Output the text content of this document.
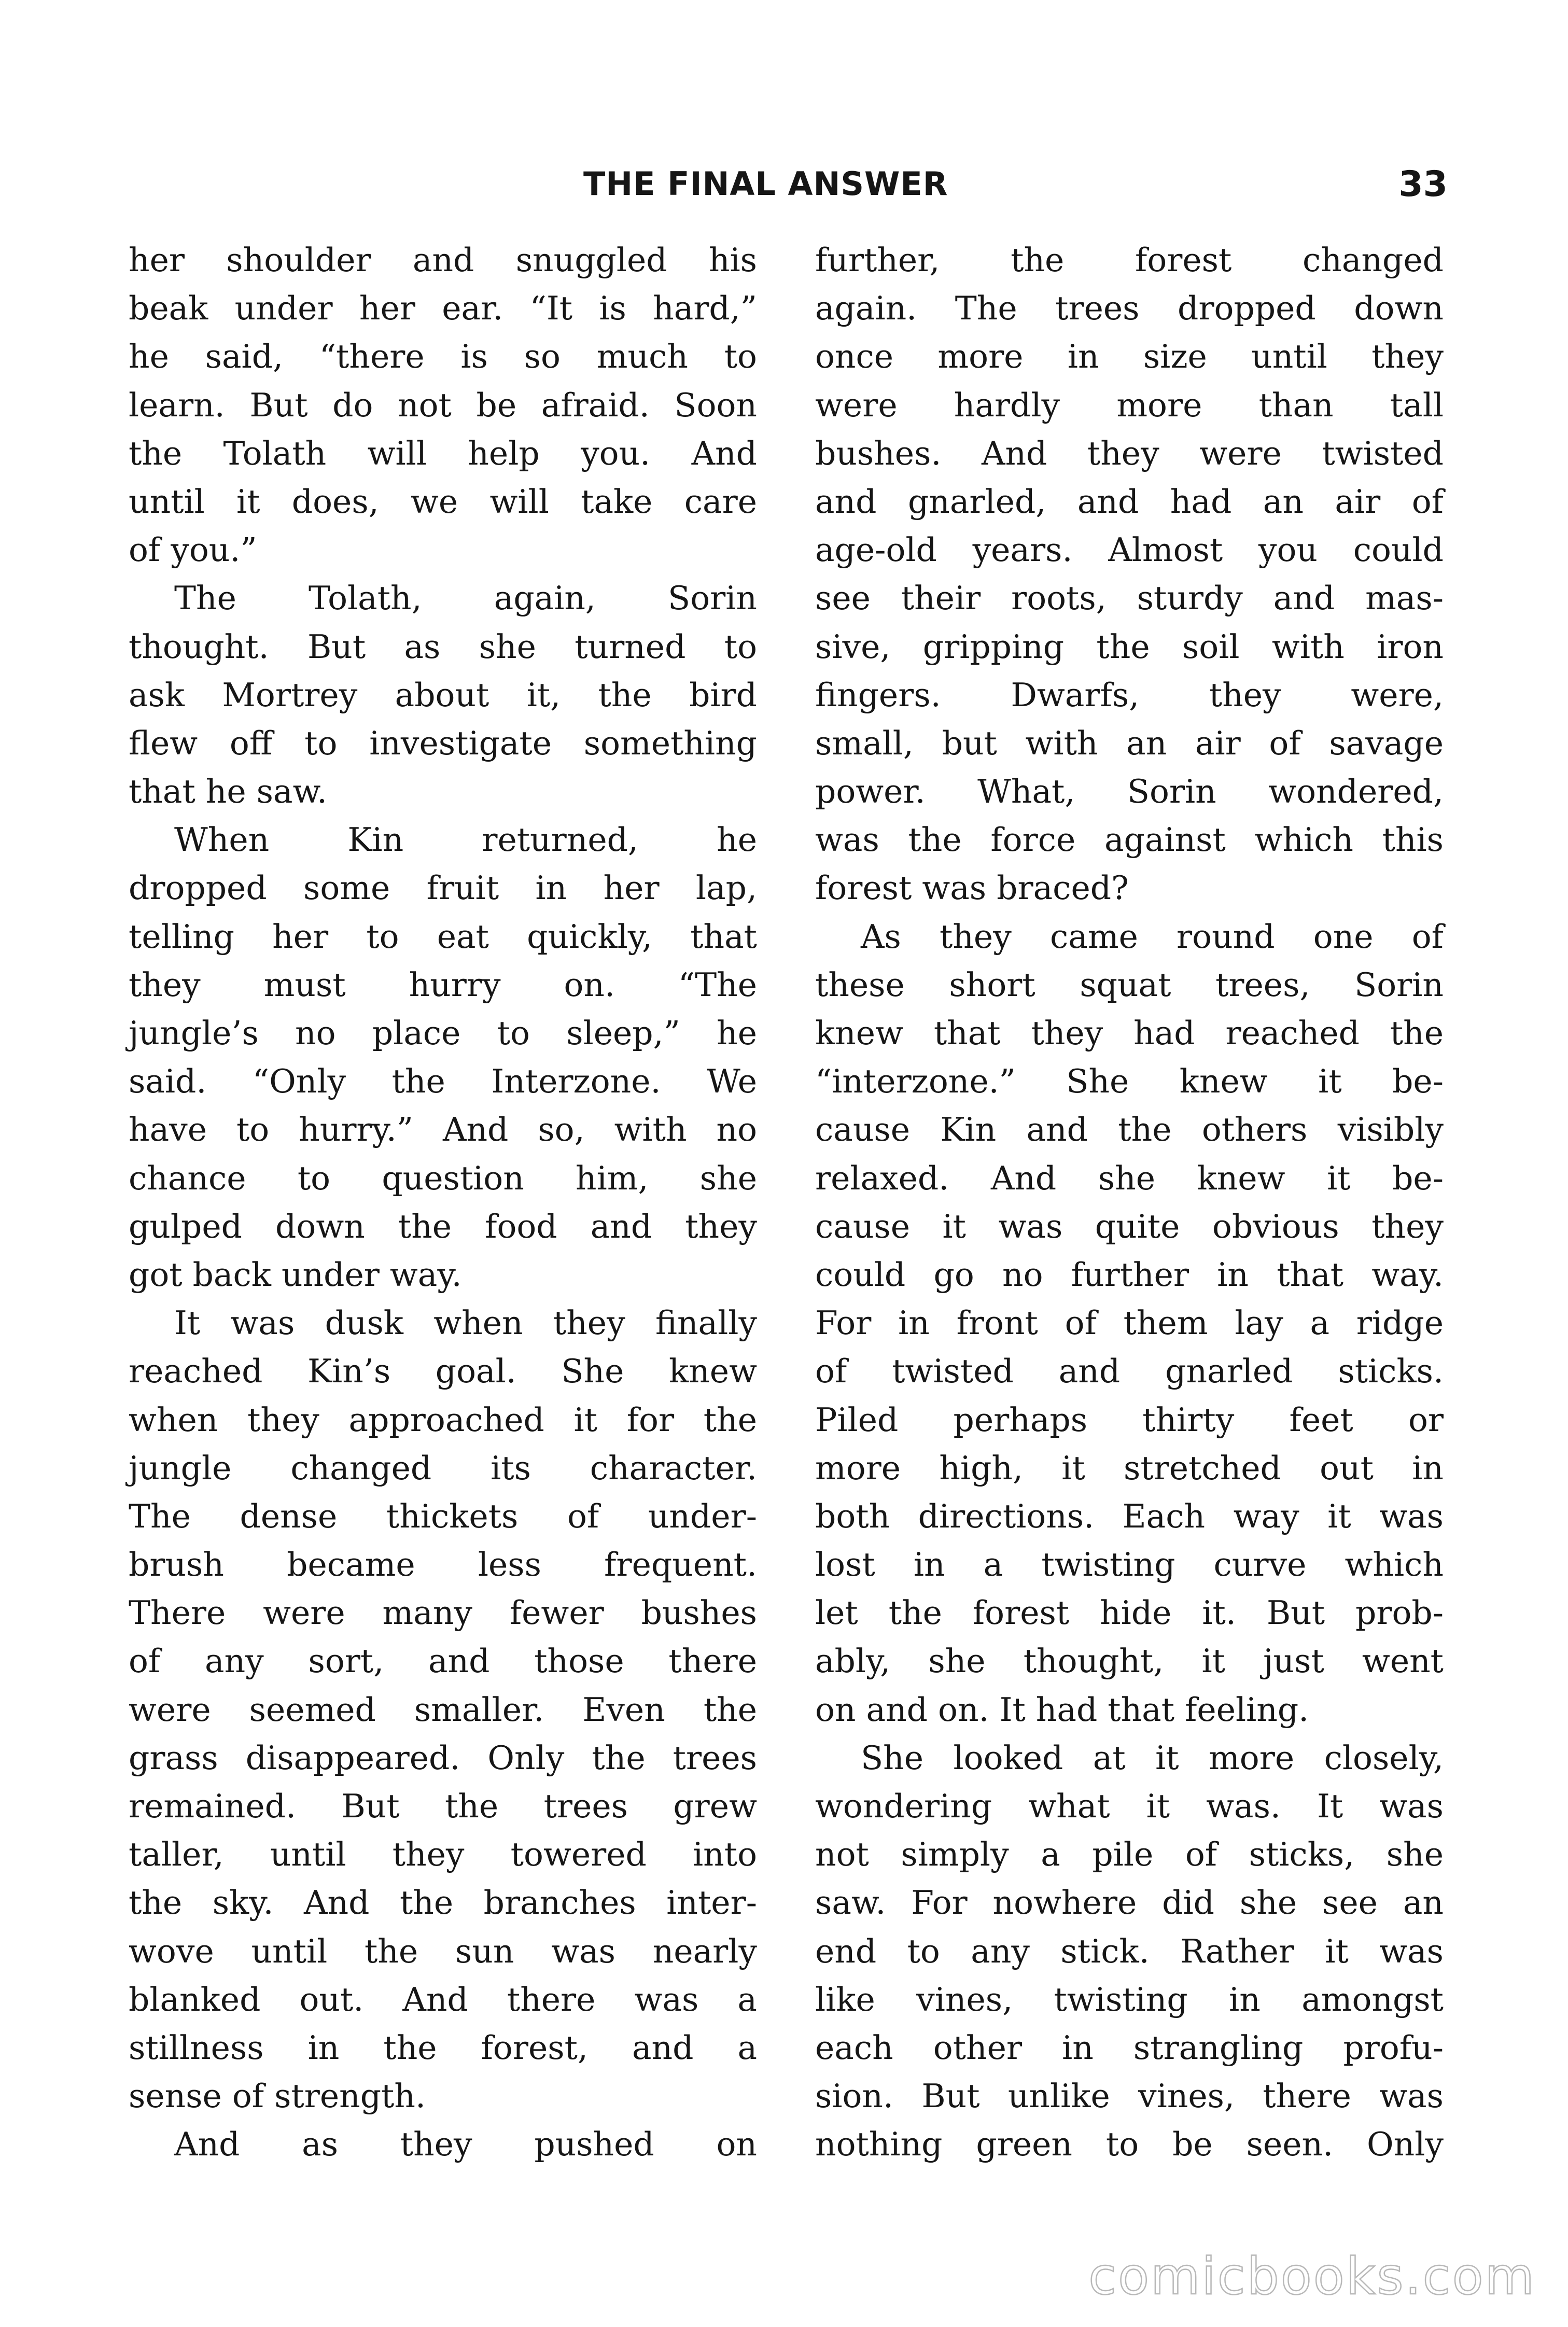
THE FINAL ANSWER	33
her shoulder and snuggled his
beak under her ear. “It is hard,”
he said, “there is so much to
learn. But do not be afraid. Soon
the Tolath will help you. And
until it does, we will take care
of you.”
The Tolath, again, Sorin
thought. But as she turned to
ask Mortrey about it, the bird
flew off to investigate something
that he saw.
When Kin returned, he
dropped some fruit in her lap,
telling her to eat quickly, that
they must hurry on. “The
jungle’s no place to sleep,” he
said. “Only the Interzone. We
have to hurry.” And so, with no
chance to question him, she
gulped down the food and they
got back under way.
It was dusk when they finally
reached Kin’s goal. She knew
when they approached it for the
jungle changed its character.
The dense thickets of under-
brush became less frequent.
There were many fewer bushes
of any sort, and those there
were seemed smaller. Even the
grass disappeared. Only the trees
remained. But the trees grew
taller, until they towered into
the sky. And the branches inter-
wove until the sun was nearly
blanked out. And there was a
stillness in the forest, and a
sense of strength.
And as they pushed on
further, the forest changed
again. The trees dropped down
once more in size until they
were hardly more than tall
bushes. And they were twisted
and gnarled, and had an air of
age-old years. Almost you could
see their roots, sturdy and mas-
sive, gripping the soil with iron
fingers. Dwarfs, they were,
small, but with an air of savage
power. What, Sorin wondered,
was the force against which this
forest was braced?
As they came round one of
these short squat trees, Sorin
knew that they had reached the
“interzone.” She knew it be-
cause Kin and the others visibly
relaxed. And she knew it be-
cause it was quite obvious they
could go no further in that way.
For in front of them lay a ridge
of twisted and gnarled sticks.
Piled perhaps thirty feet or
more high, it stretched out in
both directions. Each way it was
lost in a twisting curve which
let the forest hide it. But prob-
ably, she thought, it just went
on and on. It had that feeling.
She looked at it more closely,
wondering what it was. It was
not simply a pile of sticks, she
saw. For nowhere did she see an
end to any stick. Rather it was
like vines, twisting in amongst
each other in strangling profu-
sion. But unlike vines, there was
nothing green to be seen. Only
comicbooks.com
